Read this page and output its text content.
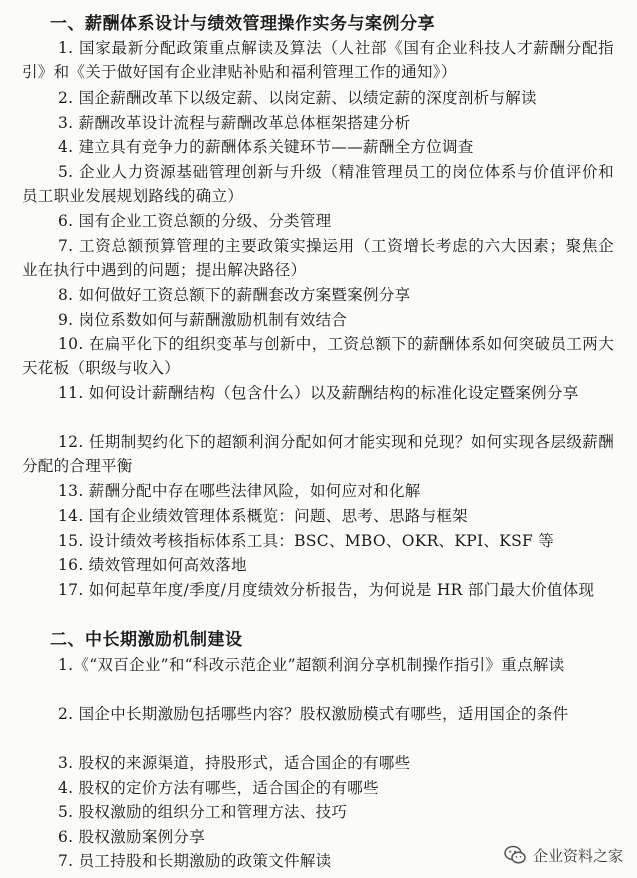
一、薪酬体系设计与绩效管理操作实务与案例分享
1. 国家最新分配政策重点解读及算法（人社部《国有企业科技人才薪酬分配指引》和《关于做好国有企业津贴补贴和福利管理工作的通知》）
2. 国企薪酬改革下以级定薪、以岗定薪、以绩定薪的深度剖析与解读
3. 薪酬改革设计流程与薪酬改革总体框架搭建分析
4. 建立具有竞争力的薪酬体系关键环节——薪酬全方位调查
5. 企业人力资源基础管理创新与升级（精准管理员工的岗位体系与价值评价和员工职业发展规划路线的确立）
6. 国有企业工资总额的分级、分类管理
7. 工资总额预算管理的主要政策实操运用（工资增长考虑的六大因素；聚焦企业在执行中遇到的问题；提出解决路径）
8. 如何做好工资总额下的薪酬套改方案暨案例分享
9. 岗位系数如何与薪酬激励机制有效结合
10. 在扁平化下的组织变革与创新中，工资总额下的薪酬体系如何突破员工两大天花板（职级与收入）
11. 如何设计薪酬结构（包含什么）以及薪酬结构的标准化设定暨案例分享
12. 任期制契约化下的超额利润分配如何才能实现和兑现？如何实现各层级薪酬分配的合理平衡
13. 薪酬分配中存在哪些法律风险，如何应对和化解
14. 国有企业绩效管理体系概览：问题、思考、思路与框架
15. 设计绩效考核指标体系工具：BSC、MBO、OKR、KPI、KSF 等
16. 绩效管理如何高效落地
17. 如何起草年度/季度/月度绩效分析报告，为何说是 HR 部门最大价值体现
二、中长期激励机制建设
1.《“双百企业”和“科改示范企业”超额利润分享机制操作指引》重点解读
2. 国企中长期激励包括哪些内容？股权激励模式有哪些，适用国企的条件
3. 股权的来源渠道，持股形式，适合国企的有哪些
4. 股权的定价方法有哪些，适合国企的有哪些
5. 股权激励的组织分工和管理方法、技巧
6. 股权激励案例分享
7. 员工持股和长期激励的政策文件解读	企业资料之家
